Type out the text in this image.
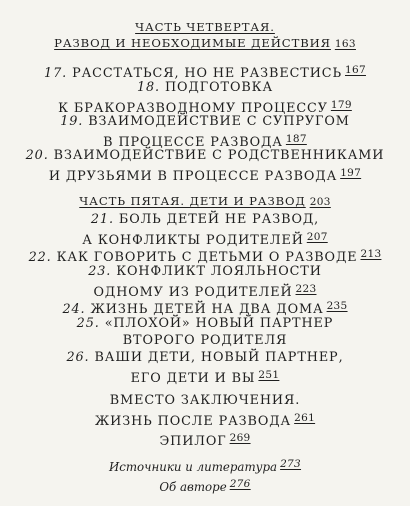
ЧАСТЬ ЧЕТВЕРТАЯ.
РАЗВОД И НЕОБХОДИМЫЕ ДЕЙСТВИЯ 163
17. РАССТАТЬСЯ, НО НЕ РАЗВЕСТИСЬ $^{167}$
18. ПОДГОТОВКА
К БРАКОРАЗВОДНОМУ ПРОЦЕССУ $^{179}$
19. ВЗАИМОДЕЙСТВИЕ С СУПРУГОМ
В ПРОЦЕССЕ РАЗВОДА $^{187}$
20. ВЗАИМОДЕЙСТВИЕ С РОДСТВЕННИКАМИ
И ДРУЗЬЯМИ В ПРОЦЕССЕ РАЗВОДА $^{197}$
ЧАСТЬ ПЯТАЯ. ДЕТИ И РАЗВОД 203
21. БОЛЬ ДЕТЕЙ НЕ РАЗВОД,
А КОНФЛИКТЫ РОДИТЕЛЕЙ $^{207}$
22. КАК ГОВОРИТЬ С ДЕТЬМИ О РАЗВОДЕ $^{213}$
23. КОНФЛИКТ ЛОЯЛЬНОСТИ
ОДНОМУ ИЗ РОДИТЕЛЕЙ $^{223}$
24. ЖИЗНЬ ДЕТЕЙ НА ДВА ДОМА $^{235}$
25. «ПЛОХОЙ» НОВЫЙ ПАРТНЕР
ВТОРОГО РОДИТЕЛЯ
26. ВАШИ ДЕТИ, НОВЫЙ ПАРТНЕР,
ЕГО ДЕТИ И ВЫ $^{251}$
ВМЕСТО ЗАКЛЮЧЕНИЯ.
ЖИЗНЬ ПОСЛЕ РАЗВОДА $^{261}$
ЭПИЛОГ $^{269}$
Источники и литература 273
Об авторе 276
